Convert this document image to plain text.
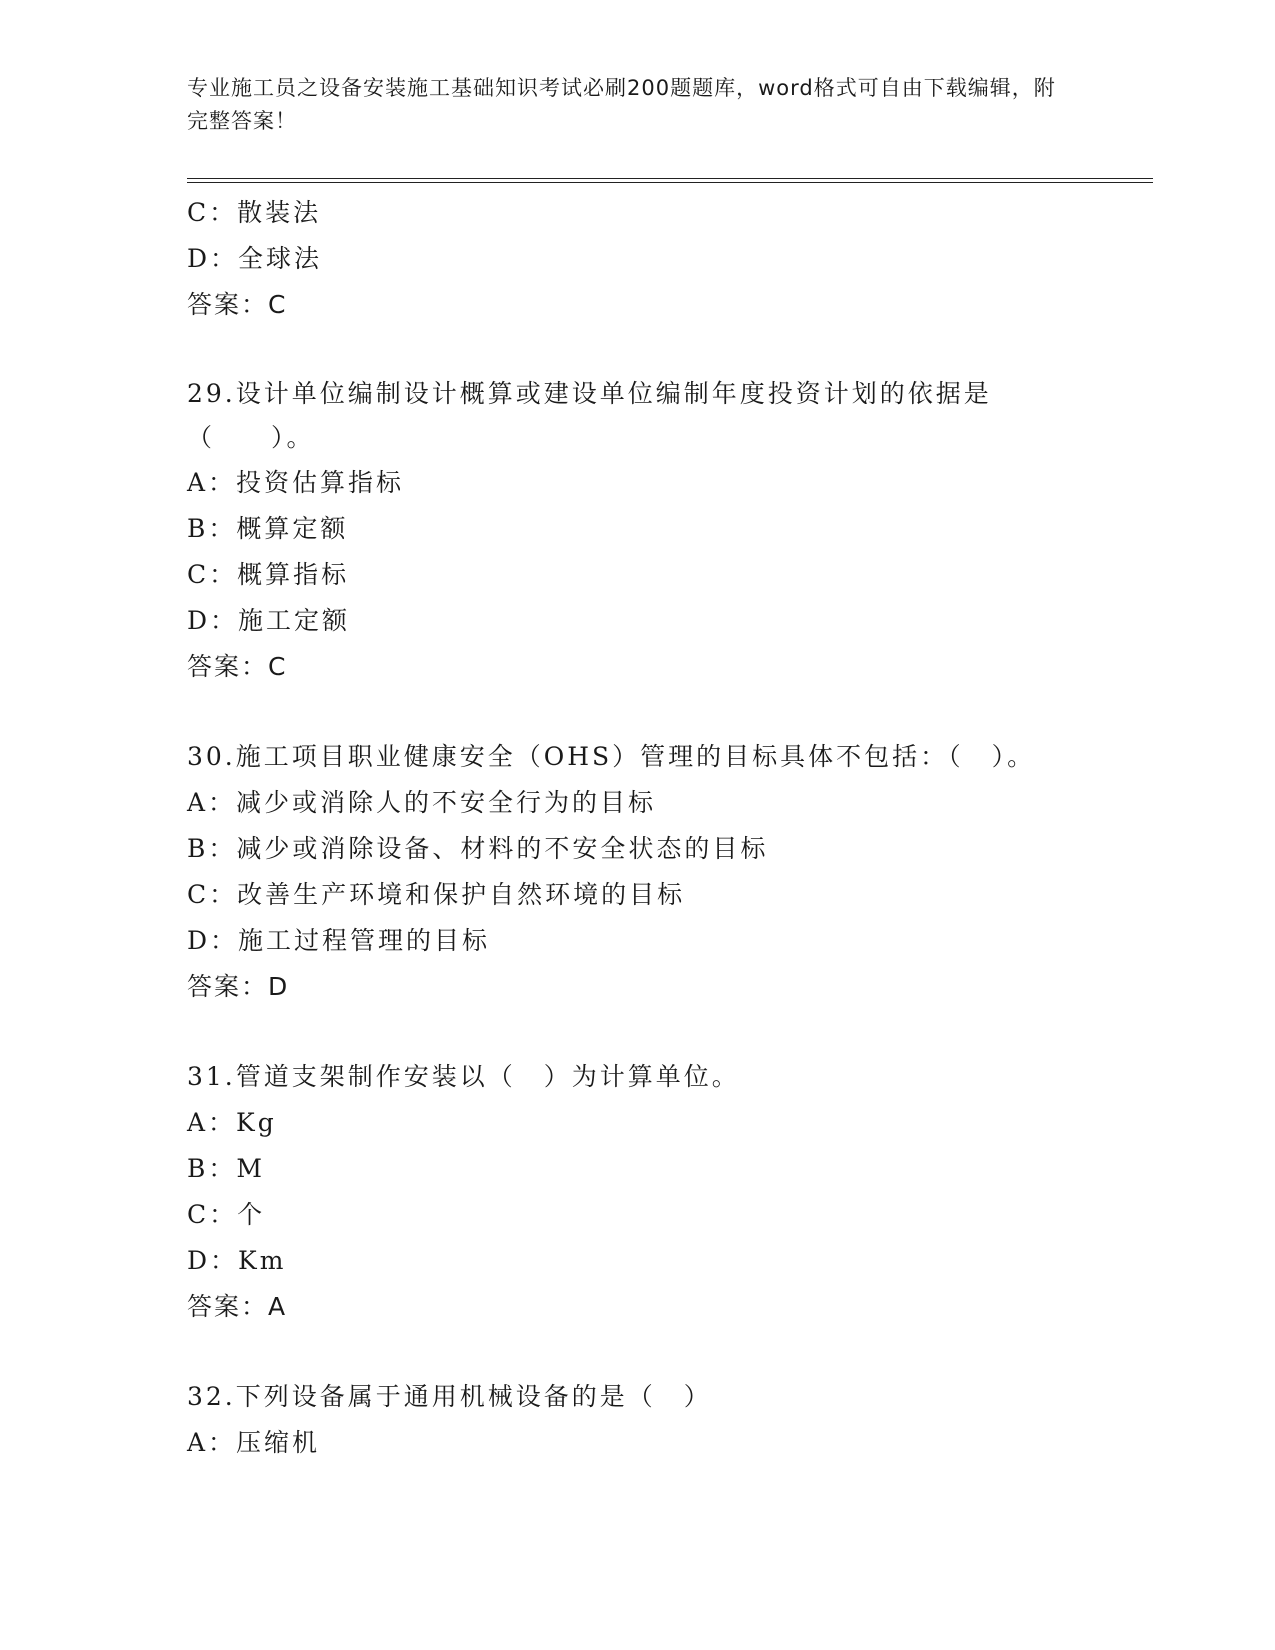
专业施工员之设备安装施工基础知识考试必刷200题题库，word格式可自由下载编辑，附完整答案！
C：散装法
D：全球法
答案：C
29.设计单位编制设计概算或建设单位编制年度投资计划的依据是（　　）。
A：投资估算指标
B：概算定额
C：概算指标
D：施工定额
答案：C
30.施工项目职业健康安全（OHS）管理的目标具体不包括：（　）。
A：减少或消除人的不安全行为的目标
B：减少或消除设备、材料的不安全状态的目标
C：改善生产环境和保护自然环境的目标
D：施工过程管理的目标
答案：D
31.管道支架制作安装以（　）为计算单位。
A：Kg
B：M
C：个
D：Km
答案：A
32.下列设备属于通用机械设备的是（　）
A：压缩机
